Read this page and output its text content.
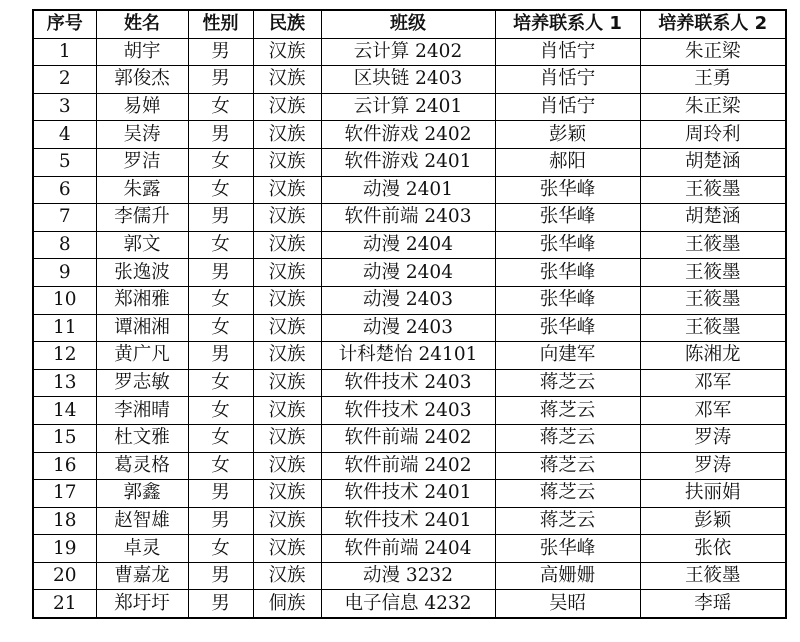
序号	姓名	性别	民族	班级	培养联系人 1	培养联系人 2
1	胡宇	男	汉族	云计算 2402	肖恬宁	朱正梁
2	郭俊杰	男	汉族	区块链 2403	肖恬宁	王勇
3	易婵	女	汉族	云计算 2401	肖恬宁	朱正梁
4	吴涛	男	汉族	软件游戏 2402	彭颖	周玲利
5	罗洁	女	汉族	软件游戏 2401	郝阳	胡楚涵
6	朱露	女	汉族	动漫 2401	张华峰	王筱墨
7	李儒升	男	汉族	软件前端 2403	张华峰	胡楚涵
8	郭文	女	汉族	动漫 2404	张华峰	王筱墨
9	张逸波	男	汉族	动漫 2404	张华峰	王筱墨
10	郑湘雅	女	汉族	动漫 2403	张华峰	王筱墨
11	谭湘湘	女	汉族	动漫 2403	张华峰	王筱墨
12	黄广凡	男	汉族	计科楚怡 24101	向建军	陈湘龙
13	罗志敏	女	汉族	软件技术 2403	蒋芝云	邓军
14	李湘晴	女	汉族	软件技术 2403	蒋芝云	邓军
15	杜文雅	女	汉族	软件前端 2402	蒋芝云	罗涛
16	葛灵格	女	汉族	软件前端 2402	蒋芝云	罗涛
17	郭鑫	男	汉族	软件技术 2401	蒋芝云	扶丽娟
18	赵智雄	男	汉族	软件技术 2401	蒋芝云	彭颖
19	卓灵	女	汉族	软件前端 2404	张华峰	张依
20	曹嘉龙	男	汉族	动漫 3232	高姗姗	王筱墨
21	郑圩圩	男	侗族	电子信息 4232	吴昭	李瑶
